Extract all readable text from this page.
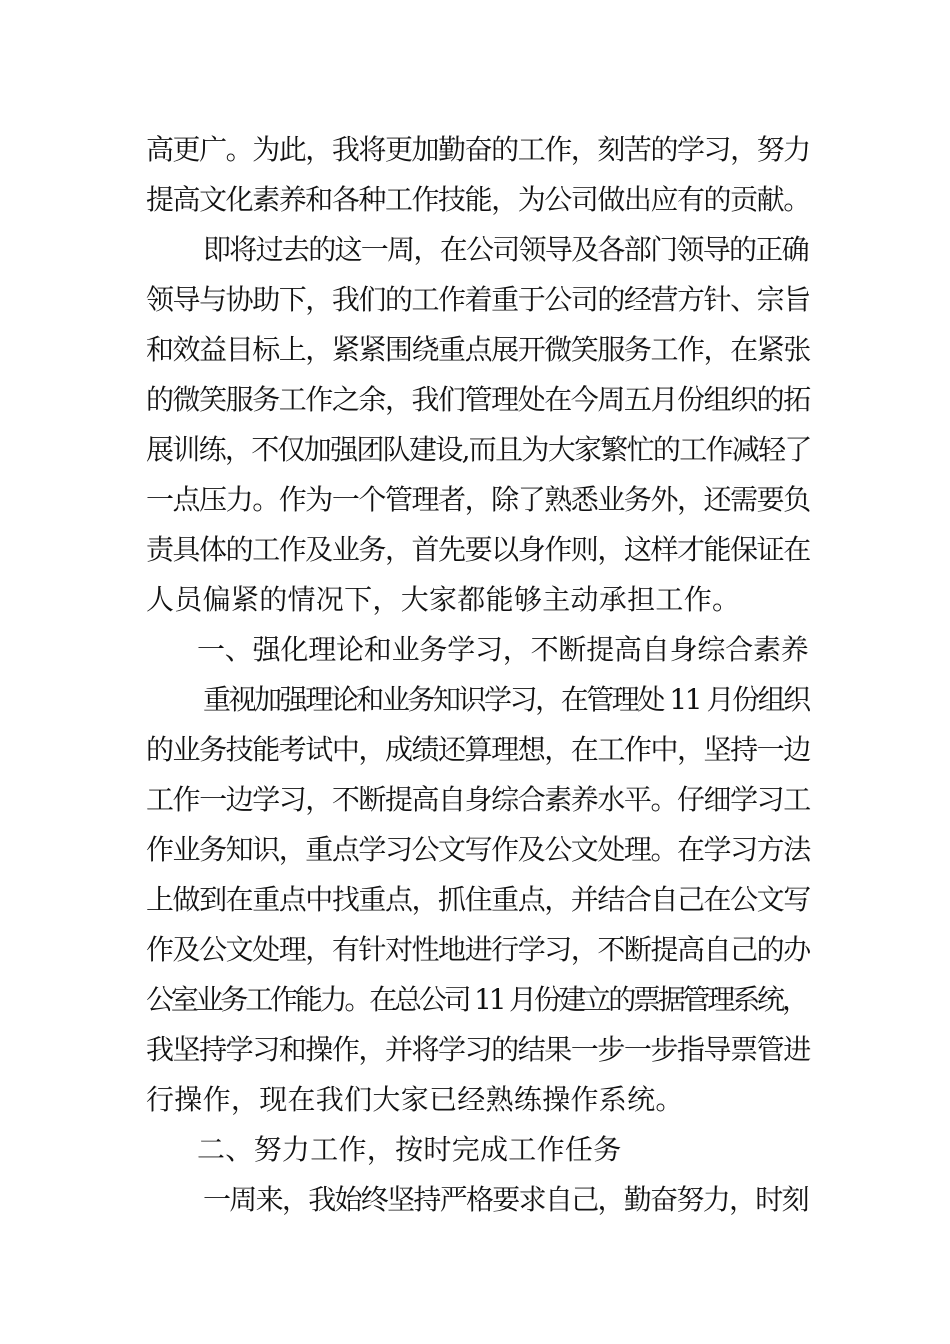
高更广。为此，我将更加勤奋的工作，刻苦的学习，努力
提高文化素养和各种工作技能，为公司做出应有的贡献。
即将过去的这一周，在公司领导及各部门领导的正确
领导与协助下，我们的工作着重于公司的经营方针、宗旨
和效益目标上，紧紧围绕重点展开微笑服务工作，在紧张
的微笑服务工作之余，我们管理处在今周五月份组织的拓
展训练，不仅加强团队建设,而且为大家繁忙的工作减轻了
一点压力。作为一个管理者，除了熟悉业务外，还需要负
责具体的工作及业务，首先要以身作则，这样才能保证在
人员偏紧的情况下，大家都能够主动承担工作。
一、强化理论和业务学习，不断提高自身综合素养
重视加强理论和业务知识学习，在管理处 11 月份组织
的业务技能考试中，成绩还算理想，在工作中，坚持一边
工作一边学习，不断提高自身综合素养水平。仔细学习工
作业务知识，重点学习公文写作及公文处理。在学习方法
上做到在重点中找重点，抓住重点，并结合自己在公文写
作及公文处理，有针对性地进行学习，不断提高自己的办
公室业务工作能力。在总公司 11 月份建立的票据管理系统，
我坚持学习和操作，并将学习的结果一步一步指导票管进
行操作，现在我们大家已经熟练操作系统。
二、努力工作，按时完成工作任务
一周来，我始终坚持严格要求自己，勤奋努力，时刻
